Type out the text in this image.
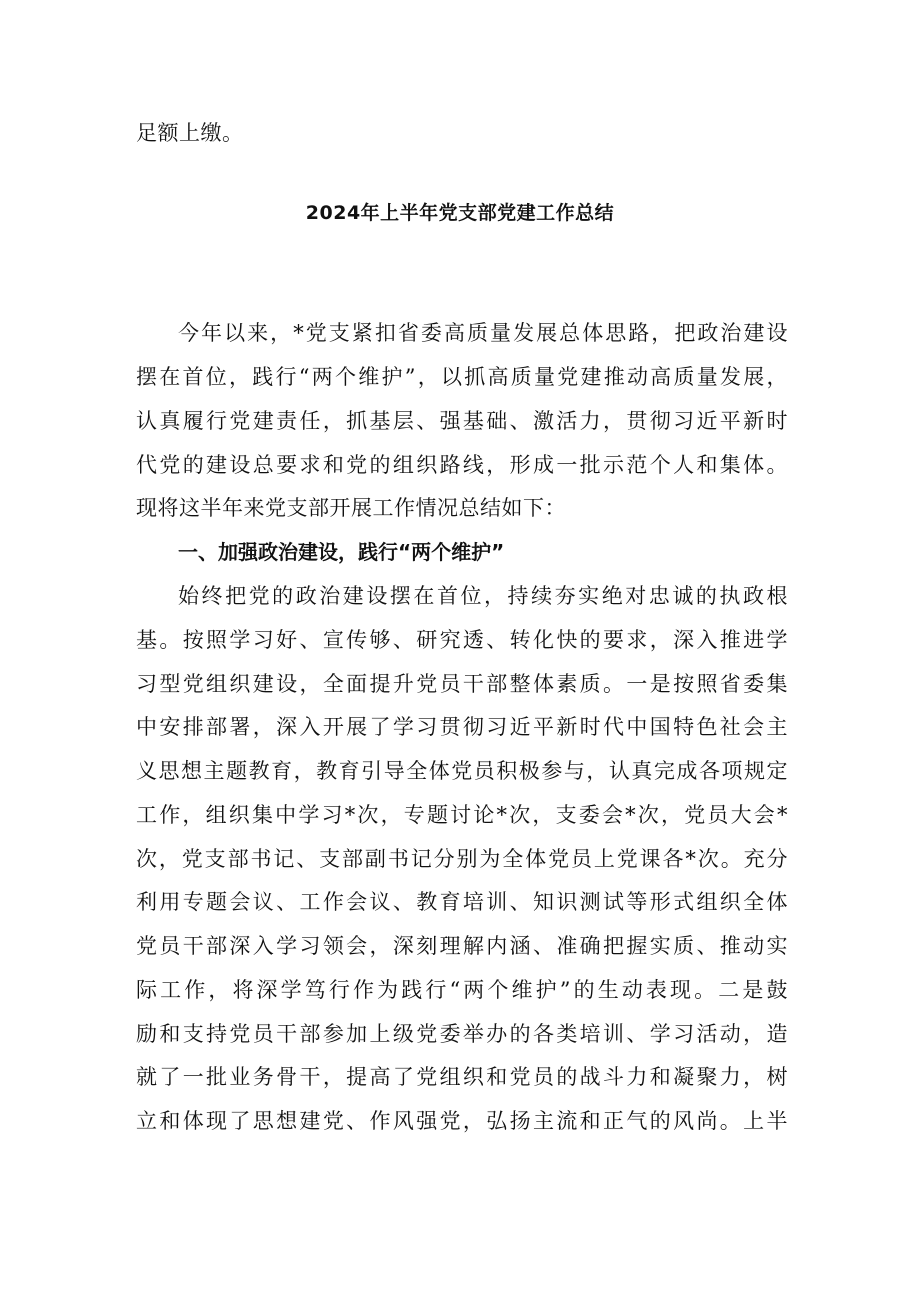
足额上缴。
2024年上半年党支部党建工作总结
今年以来，*党支紧扣省委高质量发展总体思路，把政治建设
摆在首位，践行“两个维护”，以抓高质量党建推动高质量发展，
认真履行党建责任，抓基层、强基础、激活力，贯彻习近平新时
代党的建设总要求和党的组织路线，形成一批示范个人和集体。
现将这半年来党支部开展工作情况总结如下：
一、加强政治建设，践行“两个维护”
始终把党的政治建设摆在首位，持续夯实绝对忠诚的执政根
基。按照学习好、宣传够、研究透、转化快的要求，深入推进学
习型党组织建设，全面提升党员干部整体素质。一是按照省委集
中安排部署，深入开展了学习贯彻习近平新时代中国特色社会主
义思想主题教育，教育引导全体党员积极参与，认真完成各项规定
工作，组织集中学习*次，专题讨论*次，支委会*次，党员大会*
次，党支部书记、支部副书记分别为全体党员上党课各*次。充分
利用专题会议、工作会议、教育培训、知识测试等形式组织全体
党员干部深入学习领会，深刻理解内涵、准确把握实质、推动实
际工作，将深学笃行作为践行“两个维护”的生动表现。二是鼓
励和支持党员干部参加上级党委举办的各类培训、学习活动，造
就了一批业务骨干，提高了党组织和党员的战斗力和凝聚力，树
立和体现了思想建党、作风强党，弘扬主流和正气的风尚。上半
